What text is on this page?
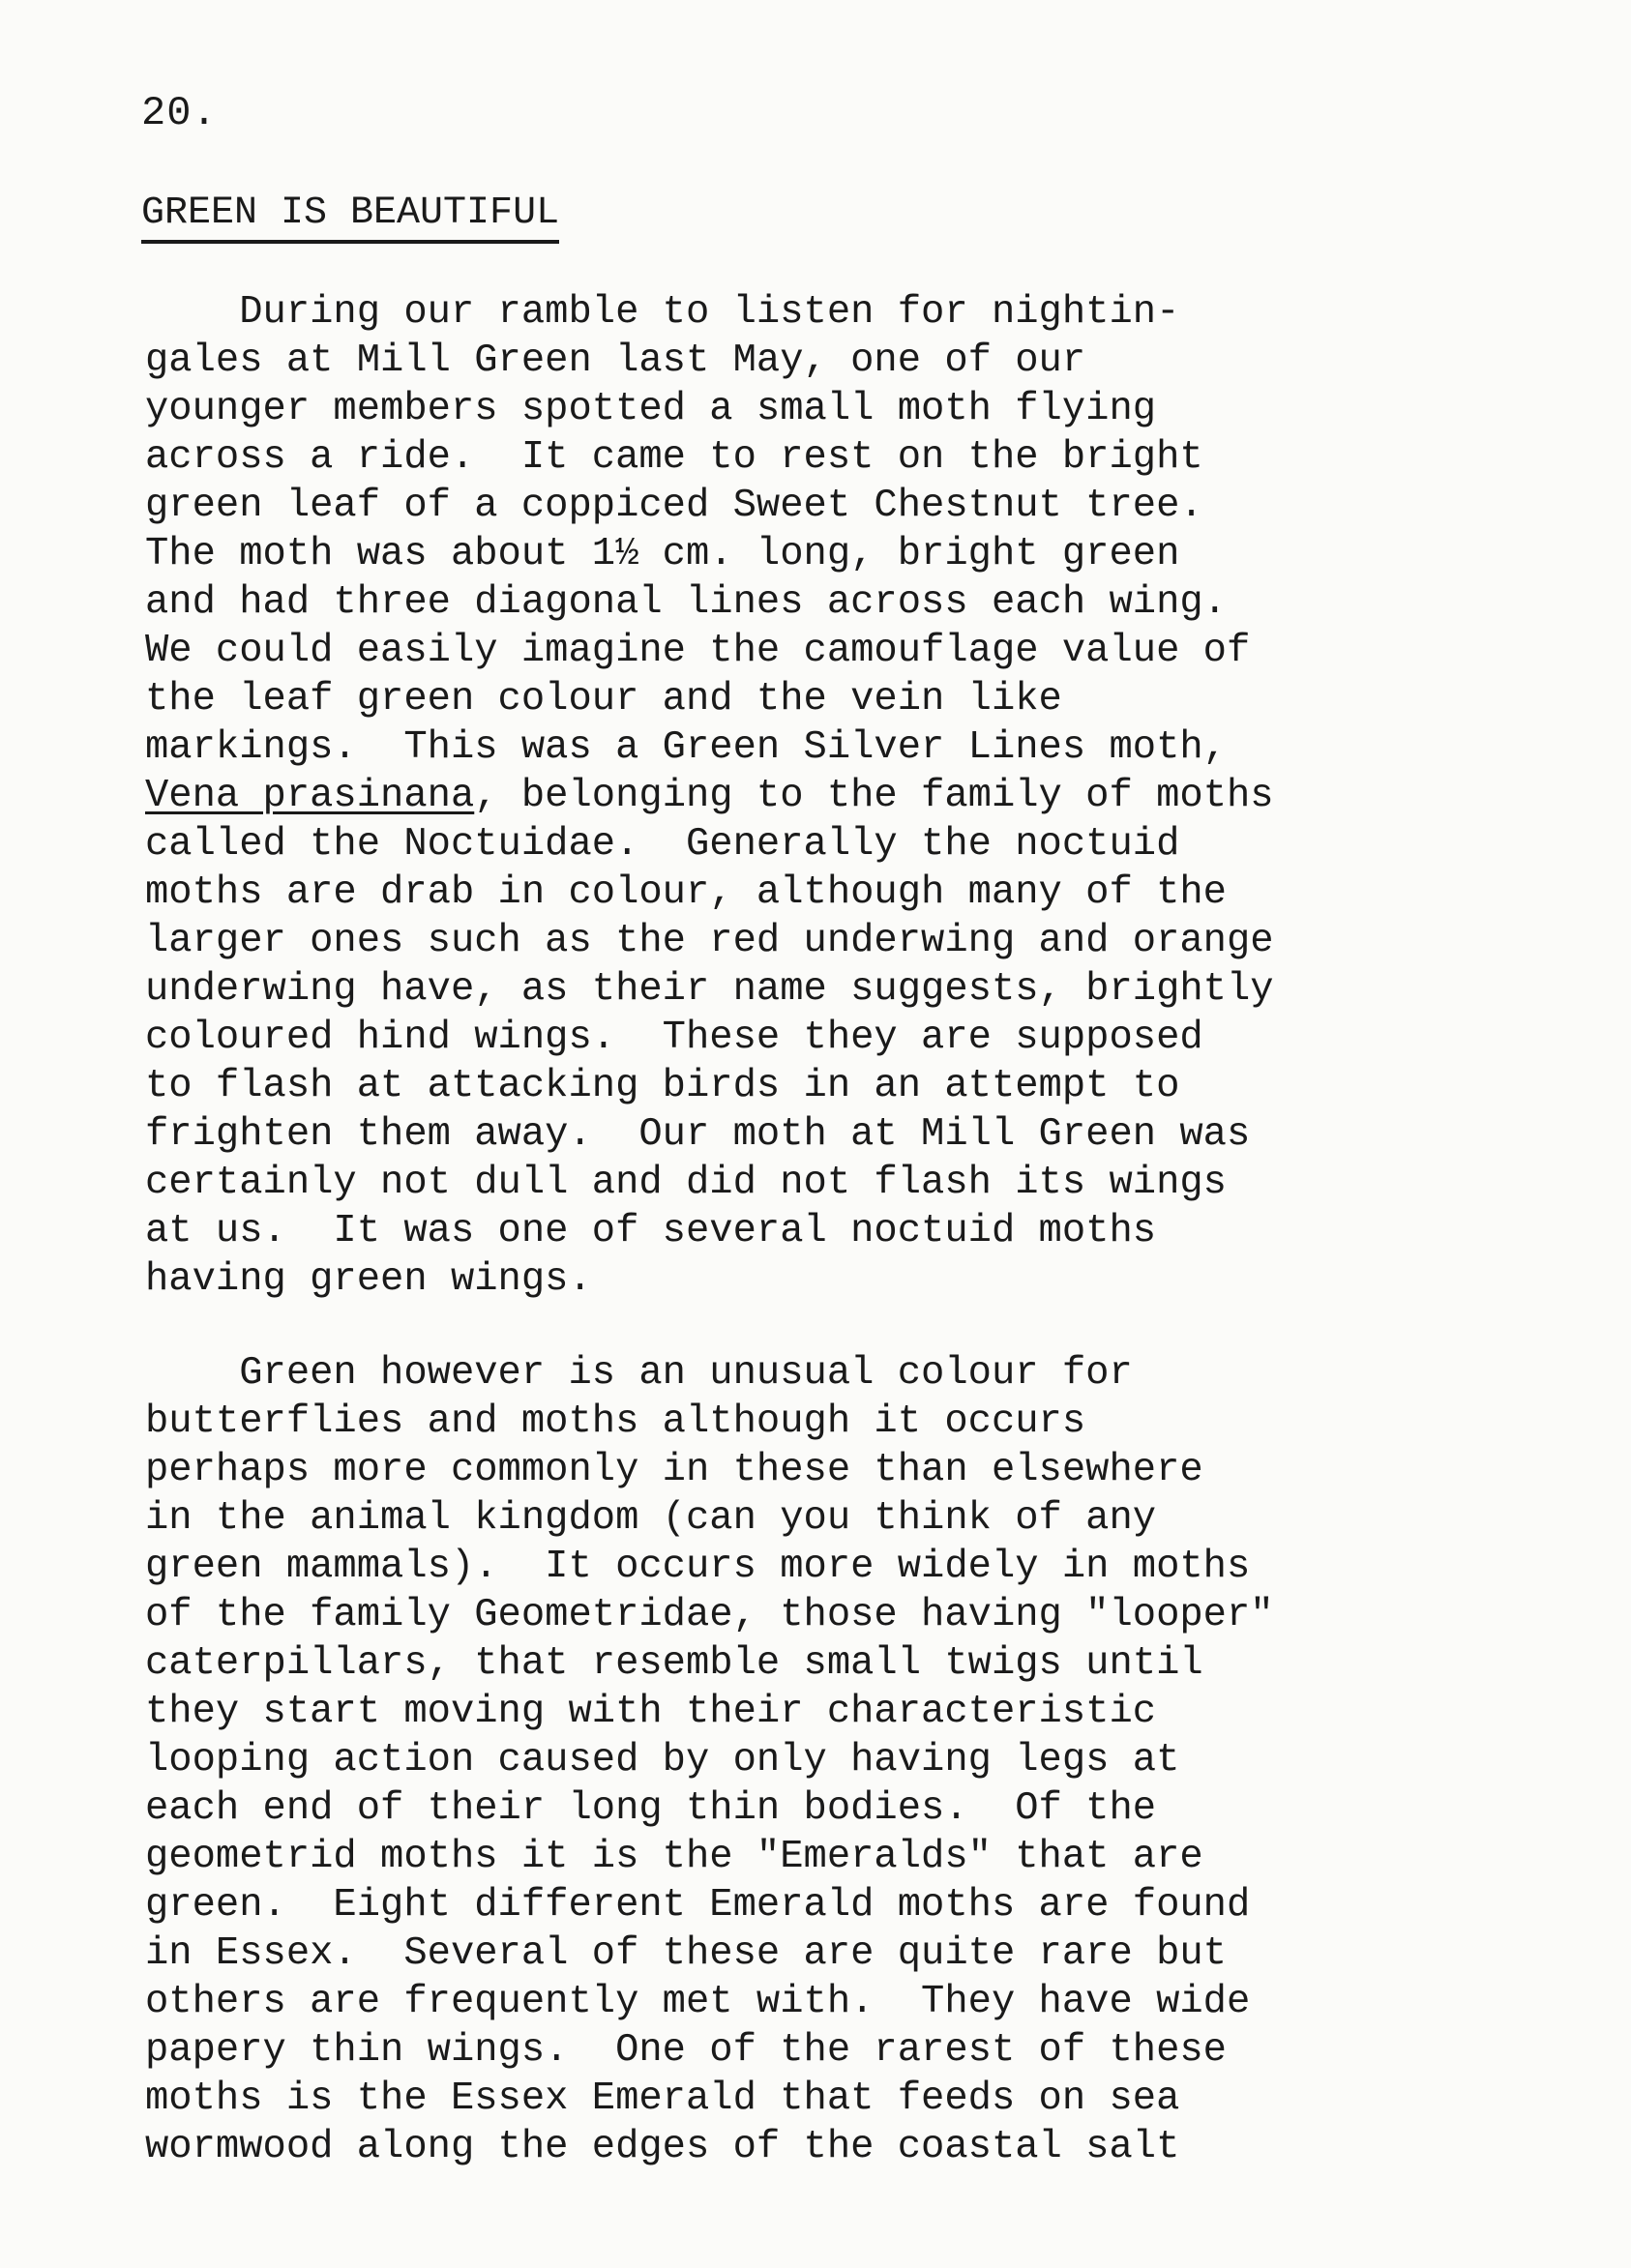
20.
GREEN IS BEAUTIFUL
During our ramble to listen for nightin-
gales at Mill Green last May, one of our
younger members spotted a small moth flying
across a ride.  It came to rest on the bright
green leaf of a coppiced Sweet Chestnut tree.
The moth was about 1½ cm. long, bright green
and had three diagonal lines across each wing.
We could easily imagine the camouflage value of
the leaf green colour and the vein like
markings.  This was a Green Silver Lines moth,
Vena prasinana, belonging to the family of moths
called the Noctuidae.  Generally the noctuid
moths are drab in colour, although many of the
larger ones such as the red underwing and orange
underwing have, as their name suggests, brightly
coloured hind wings.  These they are supposed
to flash at attacking birds in an attempt to
frighten them away.  Our moth at Mill Green was
certainly not dull and did not flash its wings
at us.  It was one of several noctuid moths
having green wings.
Green however is an unusual colour for
butterflies and moths although it occurs
perhaps more commonly in these than elsewhere
in the animal kingdom (can you think of any
green mammals).  It occurs more widely in moths
of the family Geometridae, those having "looper"
caterpillars, that resemble small twigs until
they start moving with their characteristic
looping action caused by only having legs at
each end of their long thin bodies.  Of the
geometrid moths it is the "Emeralds" that are
green.  Eight different Emerald moths are found
in Essex.  Several of these are quite rare but
others are frequently met with.  They have wide
papery thin wings.  One of the rarest of these
moths is the Essex Emerald that feeds on sea
wormwood along the edges of the coastal salt
